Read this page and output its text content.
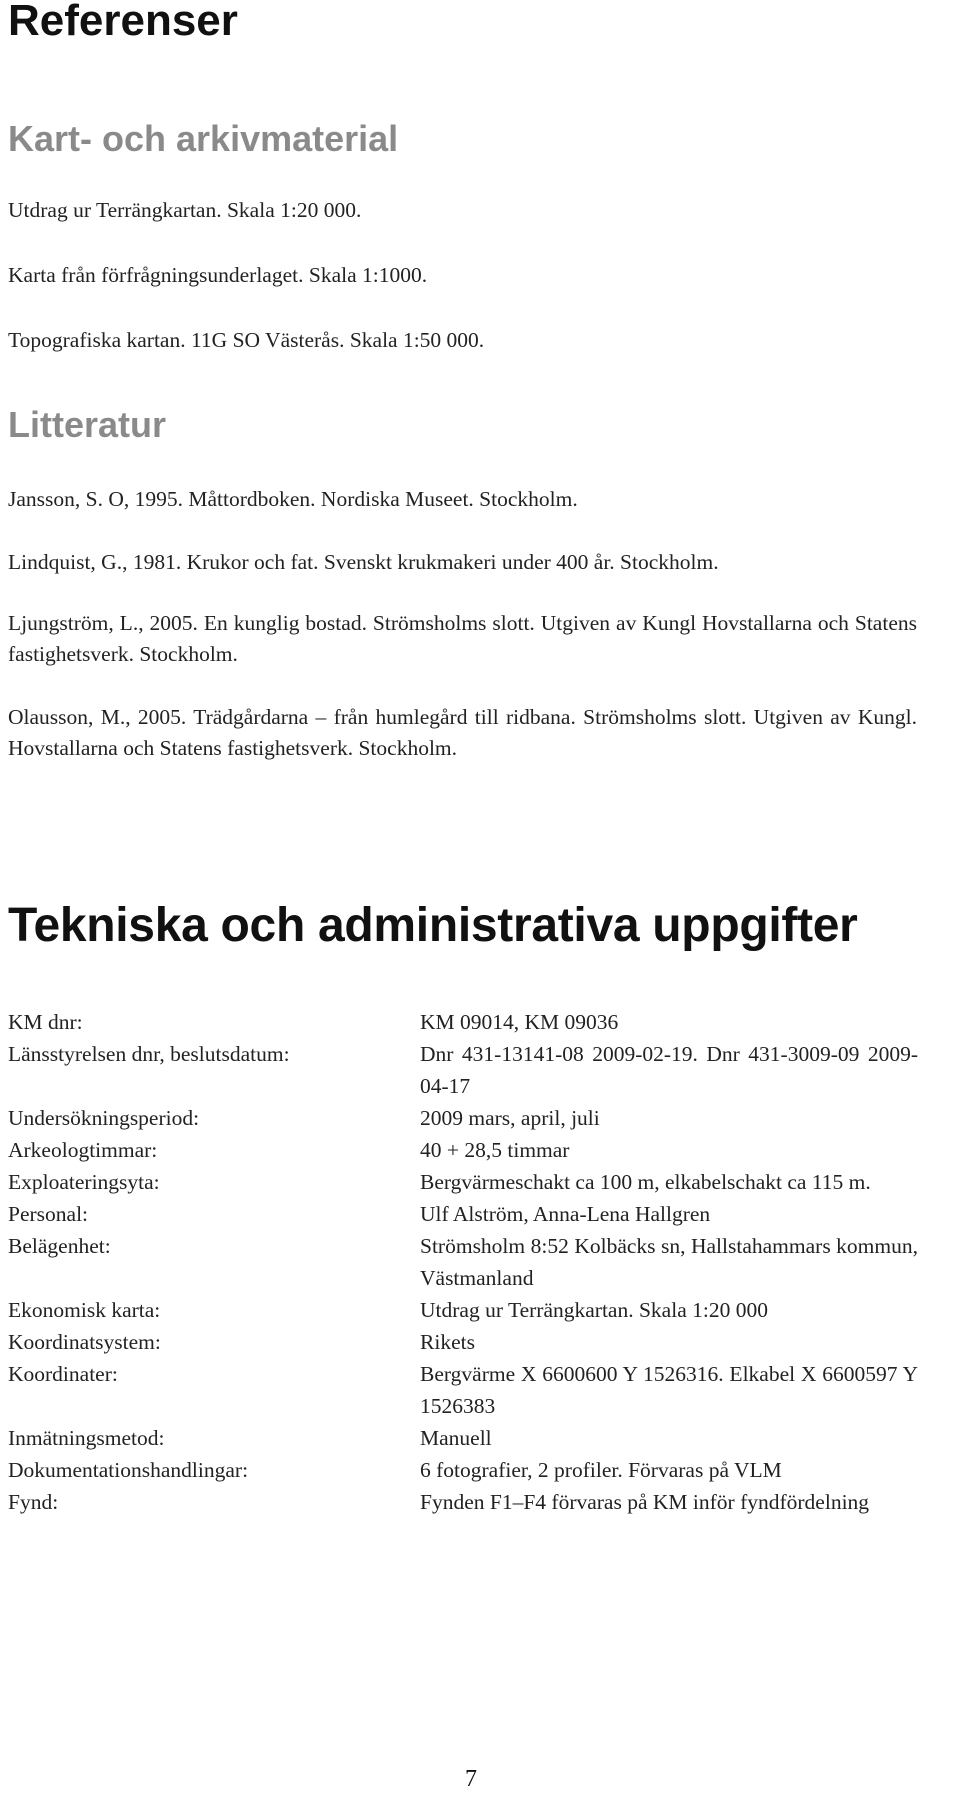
Referenser
Kart- och arkivmaterial

Utdrag ur Terrängkartan. Skala 1:20 000.

Karta från förfrågningsunderlaget. Skala 1:1000.

Topografiska kartan. 11G SO Västerås. Skala 1:50 000.

Litteratur

Jansson, S. O, 1995. Måttordboken. Nordiska Museet. Stockholm.

Lindquist, G., 1981. Krukor och fat. Svenskt krukmakeri under 400 år. Stockholm.

Ljungström, L., 2005. En kunglig bostad. Strömsholms slott. Utgiven av Kungl Hovstallarna och Statens fastighetsverk. Stockholm.

Olausson, M., 2005. Trädgårdarna – från humlegård till ridbana. Strömsholms slott. Utgiven av Kungl. Hovstallarna och Statens fastighetsverk. Stockholm.

Tekniska och administrativa uppgifter
KM dnr:	KM 09014, KM 09036
Länsstyrelsen dnr, beslutsdatum:	Dnr 431-13141-08 2009-02-19. Dnr 431-3009-09 2009-04-17
Undersökningsperiod:	2009 mars, april, juli
Arkeologtimmar:	40 + 28,5 timmar
Exploateringsyta:	Bergvärmeschakt ca 100 m, elkabelschakt ca 115 m.
Personal:	Ulf Alström, Anna-Lena Hallgren
Belägenhet:	Strömsholm 8:52 Kolbäcks sn, Hallstahammars kommun, Västmanland
Ekonomisk karta:	Utdrag ur Terrängkartan. Skala 1:20 000
Koordinatsystem:	Rikets
Koordinater:	Bergvärme X 6600600 Y 1526316. Elkabel X 6600597 Y 1526383
Inmätningsmetod:	Manuell
Dokumentationshandlingar:	6 fotografier, 2 profiler. Förvaras på VLM
Fynd:	Fynden F1–F4 förvaras på KM inför fyndfördelning
7
